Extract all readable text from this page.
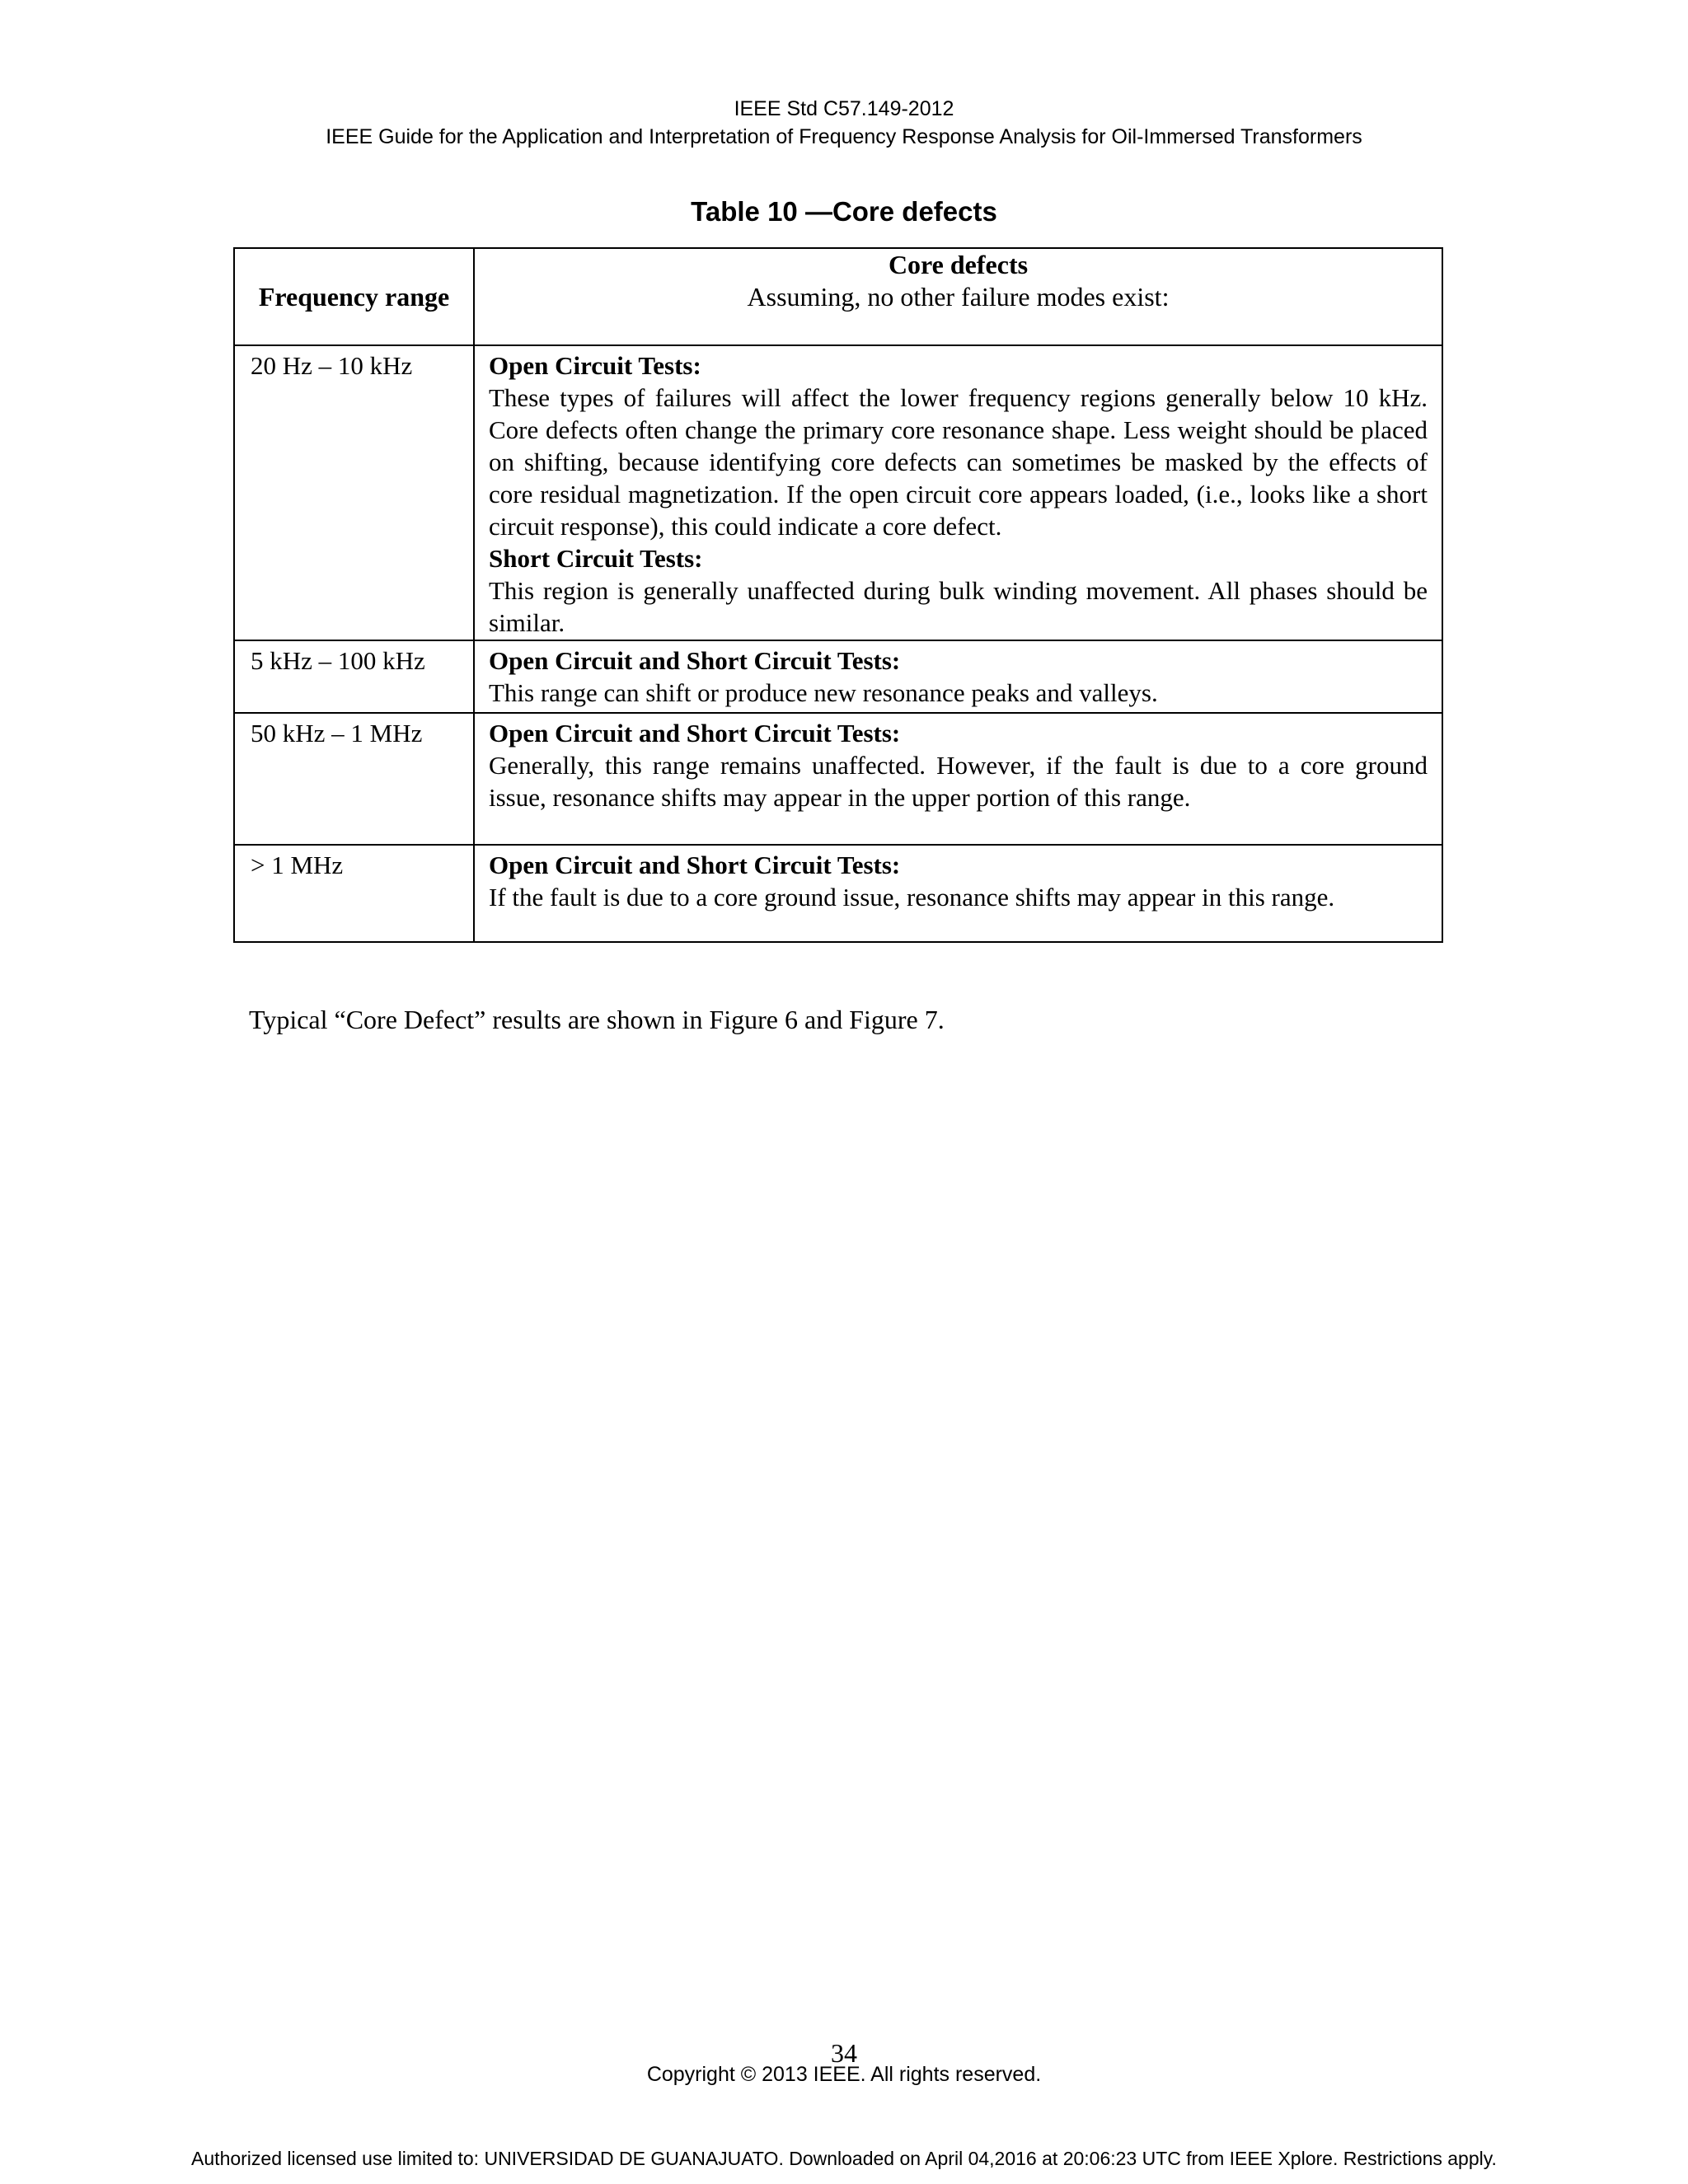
IEEE Std C57.149-2012
IEEE Guide for the Application and Interpretation of Frequency Response Analysis for Oil-Immersed Transformers
Table 10 —Core defects
Frequency range	Core defects
Assuming, no other failure modes exist:

20 Hz – 10 kHz	Open Circuit Tests:
These types of failures will affect the lower frequency regions generally below 10 kHz. Core defects often change the primary core resonance shape. Less weight should be placed on shifting, because identifying core defects can sometimes be masked by the effects of core residual magnetization. If the open circuit core appears loaded, (i.e., looks like a short circuit response), this could indicate a core defect.
Short Circuit Tests:
This region is generally unaffected during bulk winding movement. All phases should be similar.

5 kHz – 100 kHz	Open Circuit and Short Circuit Tests:
This range can shift or produce new resonance peaks and valleys.

50 kHz – 1 MHz	Open Circuit and Short Circuit Tests:
Generally, this range remains unaffected. However, if the fault is due to a core ground issue, resonance shifts may appear in the upper portion of this range.

> 1 MHz	Open Circuit and Short Circuit Tests:
If the fault is due to a core ground issue, resonance shifts may appear in this range.
Typical “Core Defect” results are shown in Figure 6 and Figure 7.
34
Copyright © 2013 IEEE. All rights reserved.
Authorized licensed use limited to: UNIVERSIDAD DE GUANAJUATO. Downloaded on April 04,2016 at 20:06:23 UTC from IEEE Xplore. Restrictions apply.
